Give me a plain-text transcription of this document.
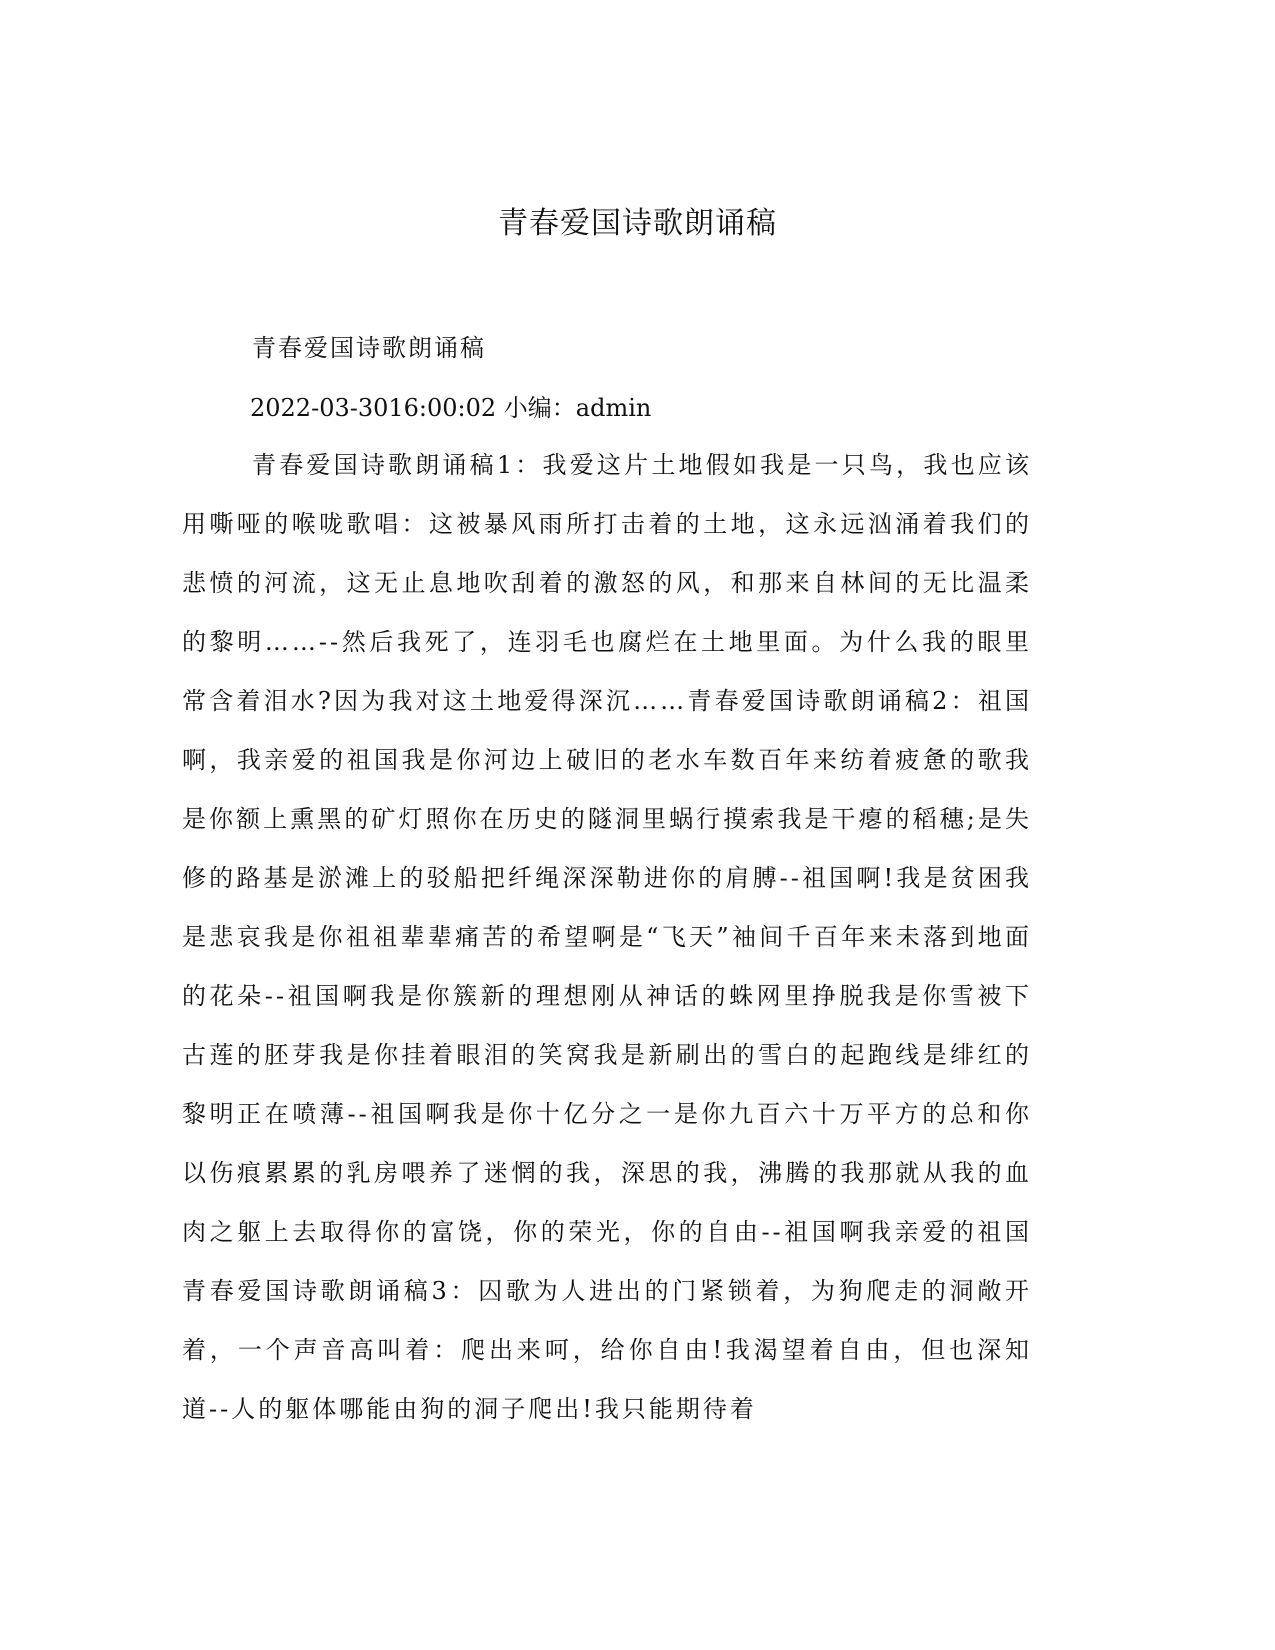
青春爱国诗歌朗诵稿
青春爱国诗歌朗诵稿
2022-03-3016:00:02 小编：admin

青春爱国诗歌朗诵稿1：我爱这片土地假如我是一只鸟，我也应该用嘶哑的喉咙歌唱：这被暴风雨所打击着的土地，这永远汹涌着我们的悲愤的河流，这无止息地吹刮着的激怒的风，和那来自林间的无比温柔的黎明……--然后我死了，连羽毛也腐烂在土地里面。为什么我的眼里常含着泪水?因为我对这土地爱得深沉……青春爱国诗歌朗诵稿2：祖国啊，我亲爱的祖国我是你河边上破旧的老水车数百年来纺着疲惫的歌我是你额上熏黑的矿灯照你在历史的隧洞里蜗行摸索我是干瘪的稻穗;是失修的路基是淤滩上的驳船把纤绳深深勒进你的肩膊--祖国啊!我是贫困我是悲哀我是你祖祖辈辈痛苦的希望啊是“飞天”袖间千百年来未落到地面的花朵--祖国啊我是你簇新的理想刚从神话的蛛网里挣脱我是你雪被下古莲的胚芽我是你挂着眼泪的笑窝我是新刷出的雪白的起跑线是绯红的黎明正在喷薄--祖国啊我是你十亿分之一是你九百六十万平方的总和你以伤痕累累的乳房喂养了迷惘的我，深思的我，沸腾的我那就从我的血肉之躯上去取得你的富饶，你的荣光，你的自由--祖国啊我亲爱的祖国青春爱国诗歌朗诵稿3：囚歌为人进出的门紧锁着，为狗爬走的洞敞开着，一个声音高叫着：爬出来呵，给你自由!我渴望着自由，但也深知道--人的躯体哪能由狗的洞子爬出!我只能期待着
